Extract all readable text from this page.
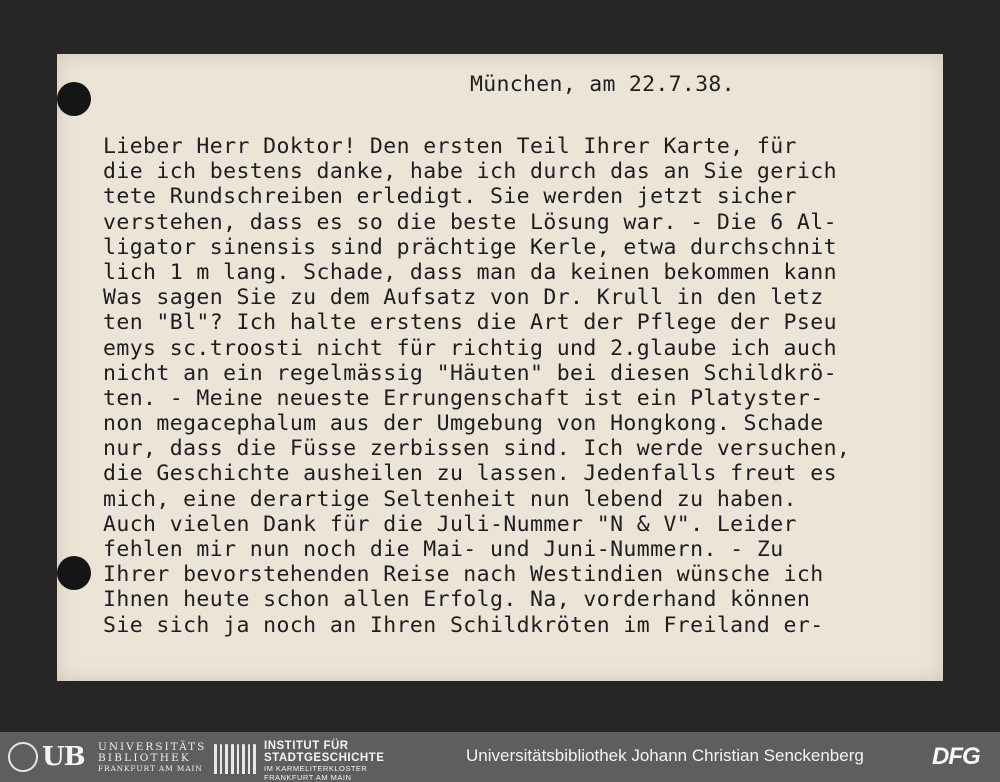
München, am 22.7.38.
Lieber Herr Doktor! Den ersten Teil Ihrer Karte, für
die ich bestens danke, habe ich durch das an Sie gerich
tete Rundschreiben erledigt. Sie werden jetzt sicher
verstehen, dass es so die beste Lösung war. - Die 6 Al-
ligator sinensis sind prächtige Kerle, etwa durchschnit
lich 1 m lang. Schade, dass man da keinen bekommen kann
Was sagen Sie zu dem Aufsatz von Dr. Krull in den letz
ten "Bl"? Ich halte erstens die Art der Pflege der Pseu
emys sc.troosti nicht für richtig und 2.glaube ich auch
nicht an ein regelmässig "Häuten" bei diesen Schildkrö-
ten. - Meine neueste Errungenschaft ist ein Platyster-
non megacephalum aus der Umgebung von Hongkong. Schade
nur, dass die Füsse zerbissen sind. Ich werde versuchen,
die Geschichte ausheilen zu lassen. Jedenfalls freut es
mich, eine derartige Seltenheit nun lebend zu haben.
Auch vielen Dank für die Juli-Nummer "N & V". Leider
fehlen mir nun noch die Mai- und Juni-Nummern. - Zu
Ihrer bevorstehenden Reise nach Westindien wünsche ich
Ihnen heute schon allen Erfolg. Na, vorderhand können
Sie sich ja noch an Ihren Schildkröten im Freiland er-
UB UNIVERSITÄTS
BIBLIOTHEK
FRANKFURT AM MAIN
INSTITUT FÜR
STADTGESCHICHTE
IM KARMELITERKLOSTER
FRANKFURT AM MAIN
Universitätsbibliothek Johann Christian Senckenberg	DFG
